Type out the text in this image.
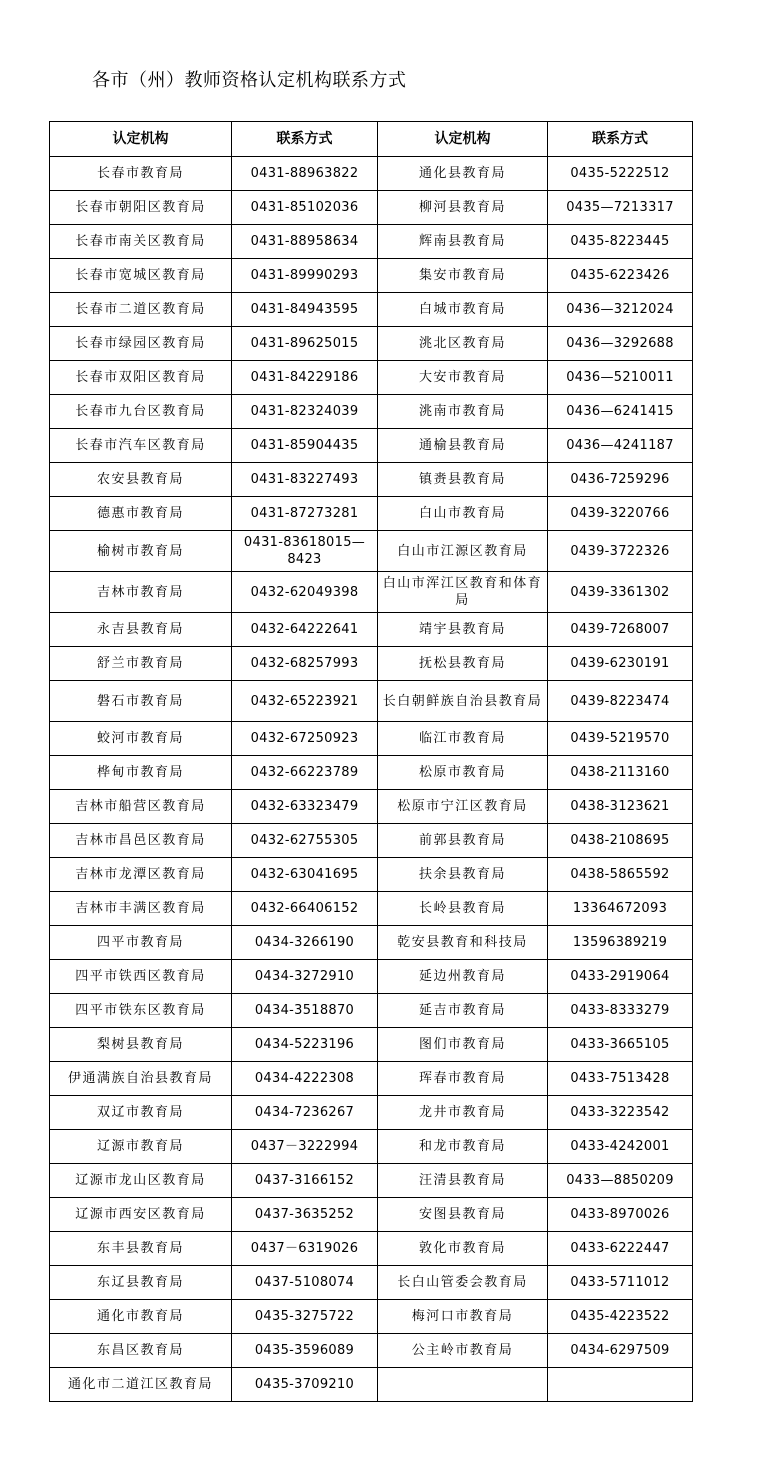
各市（州）教师资格认定机构联系方式
认定机构	联系方式	认定机构	联系方式
长春市教育局	0431-88963822	通化县教育局	0435-5222512
长春市朝阳区教育局	0431-85102036	柳河县教育局	0435—7213317
长春市南关区教育局	0431-88958634	辉南县教育局	0435-8223445
长春市宽城区教育局	0431-89990293	集安市教育局	0435-6223426
长春市二道区教育局	0431-84943595	白城市教育局	0436—3212024
长春市绿园区教育局	0431-89625015	洮北区教育局	0436—3292688
长春市双阳区教育局	0431-84229186	大安市教育局	0436—5210011
长春市九台区教育局	0431-82324039	洮南市教育局	0436—6241415
长春市汽车区教育局	0431-85904435	通榆县教育局	0436—4241187
农安县教育局	0431-83227493	镇赉县教育局	0436-7259296
德惠市教育局	0431-87273281	白山市教育局	0439-3220766
榆树市教育局	0431-83618015—8423	白山市江源区教育局	0439-3722326
吉林市教育局	0432-62049398	白山市浑江区教育和体育局	0439-3361302
永吉县教育局	0432-64222641	靖宇县教育局	0439-7268007
舒兰市教育局	0432-68257993	抚松县教育局	0439-6230191
磐石市教育局	0432-65223921	长白朝鲜族自治县教育局	0439-8223474
蛟河市教育局	0432-67250923	临江市教育局	0439-5219570
桦甸市教育局	0432-66223789	松原市教育局	0438-2113160
吉林市船营区教育局	0432-63323479	松原市宁江区教育局	0438-3123621
吉林市昌邑区教育局	0432-62755305	前郭县教育局	0438-2108695
吉林市龙潭区教育局	0432-63041695	扶余县教育局	0438-5865592
吉林市丰满区教育局	0432-66406152	长岭县教育局	13364672093
四平市教育局	0434-3266190	乾安县教育和科技局	13596389219
四平市铁西区教育局	0434-3272910	延边州教育局	0433-2919064
四平市铁东区教育局	0434-3518870	延吉市教育局	0433-8333279
梨树县教育局	0434-5223196	图们市教育局	0433-3665105
伊通满族自治县教育局	0434-4222308	珲春市教育局	0433-7513428
双辽市教育局	0434-7236267	龙井市教育局	0433-3223542
辽源市教育局	0437－3222994	和龙市教育局	0433-4242001
辽源市龙山区教育局	0437-3166152	汪清县教育局	0433—8850209
辽源市西安区教育局	0437-3635252	安图县教育局	0433-8970026
东丰县教育局	0437－6319026	敦化市教育局	0433-6222447
东辽县教育局	0437-5108074	长白山管委会教育局	0433-5711012
通化市教育局	0435-3275722	梅河口市教育局	0435-4223522
东昌区教育局	0435-3596089	公主岭市教育局	0434-6297509
通化市二道江区教育局	0435-3709210		
